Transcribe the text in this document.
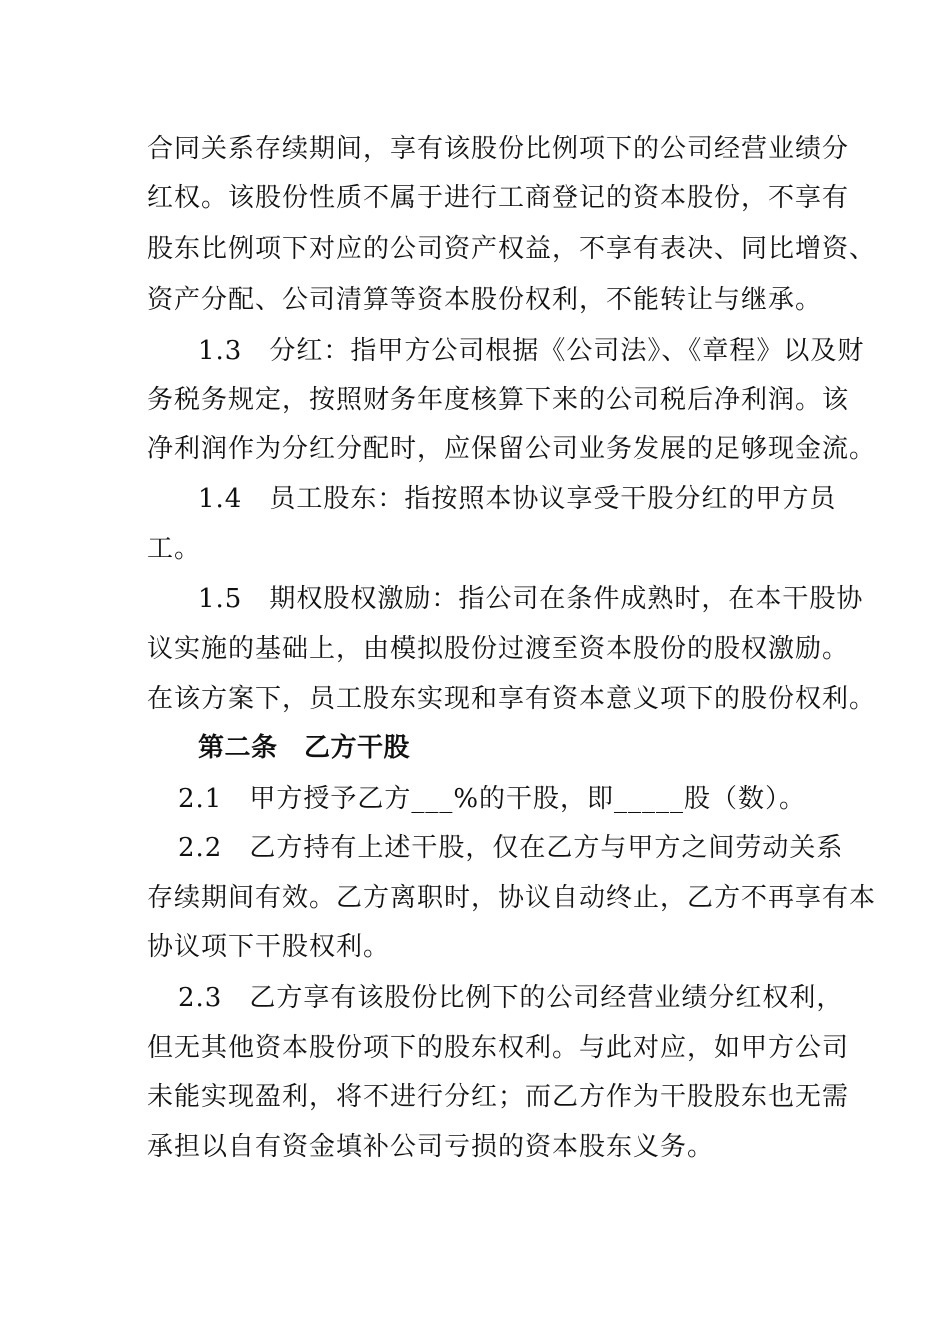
合同关系存续期间，享有该股份比例项下的公司经营业绩分
红权。该股份性质不属于进行工商登记的资本股份，不享有
股东比例项下对应的公司资产权益，不享有表决、同比增资、
资产分配、公司清算等资本股份权利，不能转让与继承。
1.3　分红：指甲方公司根据《公司法》、《章程》以及财
务税务规定，按照财务年度核算下来的公司税后净利润。该
净利润作为分红分配时，应保留公司业务发展的足够现金流。
1.4　员工股东：指按照本协议享受干股分红的甲方员
工。
1.5　期权股权激励：指公司在条件成熟时，在本干股协
议实施的基础上，由模拟股份过渡至资本股份的股权激励。
在该方案下，员工股东实现和享有资本意义项下的股份权利。
第二条　乙方干股
2.1　甲方授予乙方___%的干股，即_____股（数）。
2.2　乙方持有上述干股，仅在乙方与甲方之间劳动关系
存续期间有效。乙方离职时，协议自动终止，乙方不再享有本
协议项下干股权利。
2.3　乙方享有该股份比例下的公司经营业绩分红权利，
但无其他资本股份项下的股东权利。与此对应，如甲方公司
未能实现盈利，将不进行分红；而乙方作为干股股东也无需
承担以自有资金填补公司亏损的资本股东义务。
